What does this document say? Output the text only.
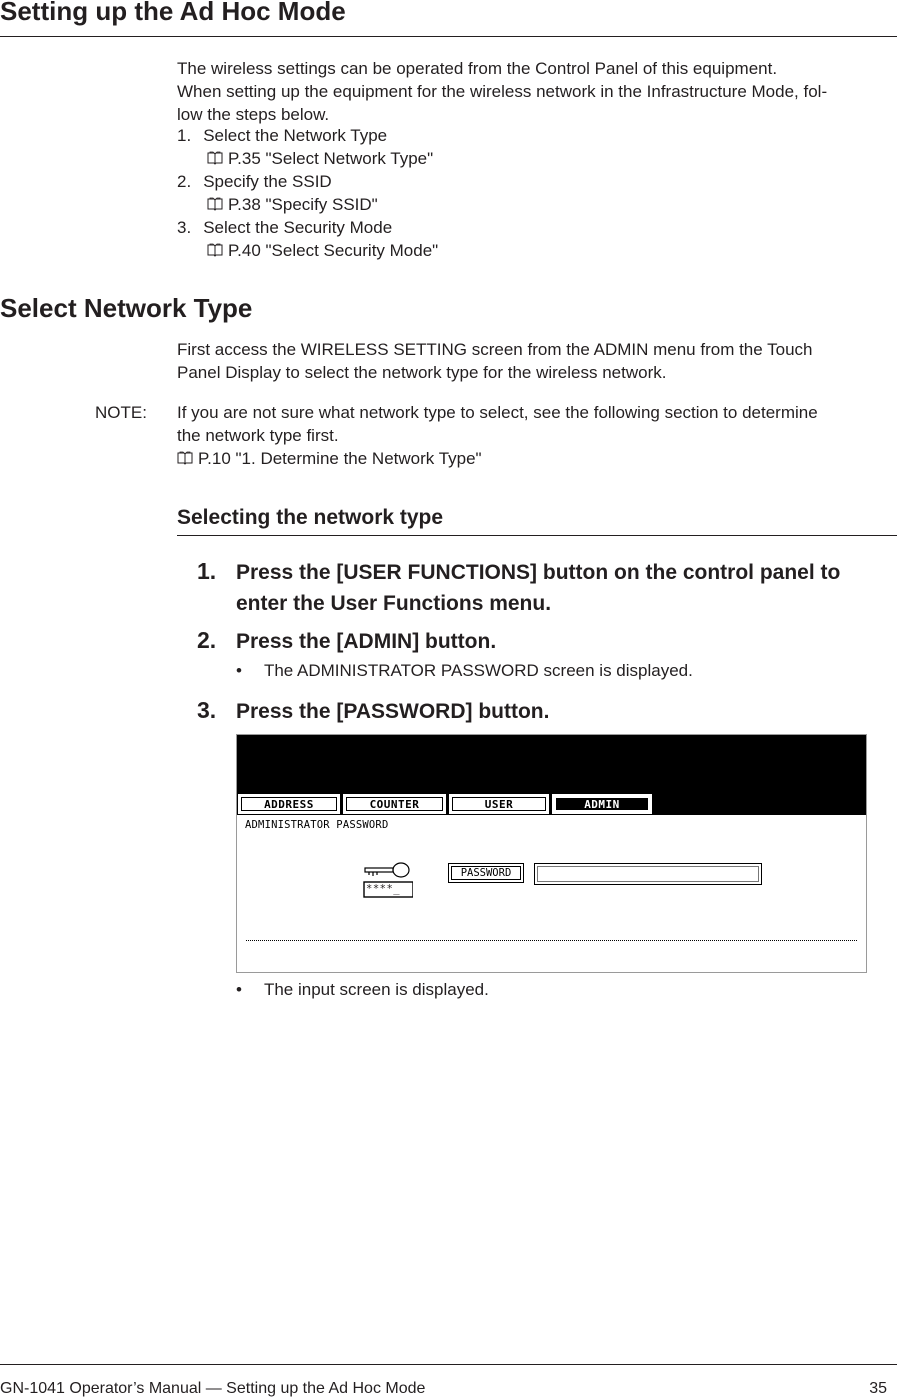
Setting up the Ad Hoc Mode
The wireless settings can be operated from the Control Panel of this equipment.
When setting up the equipment for the wireless network in the Infrastructure Mode, fol-
low the steps below.
1. Select the Network Type
P.35 "Select Network Type"
2. Specify the SSID
P.38 "Specify SSID"
3. Select the Security Mode
P.40 "Select Security Mode"
Select Network Type
First access the WIRELESS SETTING screen from the ADMIN menu from the Touch
Panel Display to select the network type for the wireless network.
NOTE: If you are not sure what network type to select, see the following section to determine
the network type first.
P.10 "1. Determine the Network Type"
Selecting the network type
1. Press the [USER FUNCTIONS] button on the control panel to
enter the User Functions menu.
2. Press the [ADMIN] button.
• The ADMINISTRATOR PASSWORD screen is displayed.
3. Press the [PASSWORD] button.
ADDRESS	COUNTER	USER	ADMIN
ADMINISTRATOR PASSWORD
****_
PASSWORD
• The input screen is displayed.
GN-1041 Operator’s Manual — Setting up the Ad Hoc Mode	35
